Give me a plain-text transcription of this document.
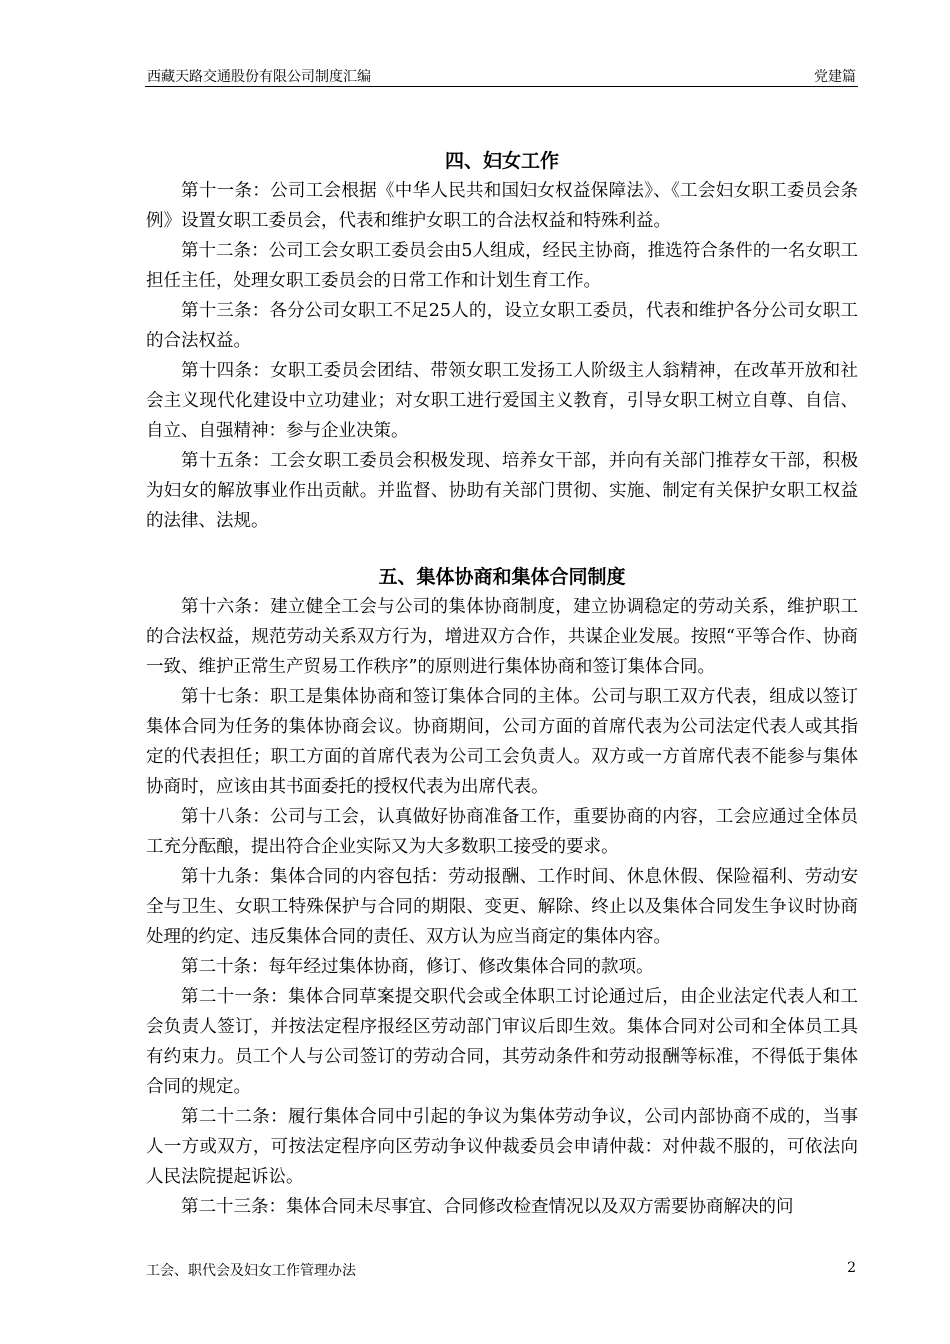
西藏天路交通股份有限公司制度汇编	党建篇
四、妇女工作

第十一条：公司工会根据《中华人民共和国妇女权益保障法》、《工会妇女职工委员会条例》设置女职工委员会，代表和维护女职工的合法权益和特殊利益。

第十二条：公司工会女职工委员会由5人组成，经民主协商，推选符合条件的一名女职工担任主任，处理女职工委员会的日常工作和计划生育工作。

第十三条：各分公司女职工不足25人的，设立女职工委员，代表和维护各分公司女职工的合法权益。

第十四条：女职工委员会团结、带领女职工发扬工人阶级主人翁精神，在改革开放和社会主义现代化建设中立功建业；对女职工进行爱国主义教育，引导女职工树立自尊、自信、自立、自强精神：参与企业决策。

第十五条：工会女职工委员会积极发现、培养女干部，并向有关部门推荐女干部，积极为妇女的解放事业作出贡献。并监督、协助有关部门贯彻、实施、制定有关保护女职工权益的法律、法规。

五、集体协商和集体合同制度

第十六条：建立健全工会与公司的集体协商制度，建立协调稳定的劳动关系，维护职工的合法权益，规范劳动关系双方行为，增进双方合作，共谋企业发展。按照“平等合作、协商一致、维护正常生产贸易工作秩序”的原则进行集体协商和签订集体合同。

第十七条：职工是集体协商和签订集体合同的主体。公司与职工双方代表，组成以签订集体合同为任务的集体协商会议。协商期间，公司方面的首席代表为公司法定代表人或其指定的代表担任；职工方面的首席代表为公司工会负责人。双方或一方首席代表不能参与集体协商时，应该由其书面委托的授权代表为出席代表。

第十八条：公司与工会，认真做好协商准备工作，重要协商的内容，工会应通过全体员工充分酝酿，提出符合企业实际又为大多数职工接受的要求。

第十九条：集体合同的内容包括：劳动报酬、工作时间、休息休假、保险福利、劳动安全与卫生、女职工特殊保护与合同的期限、变更、解除、终止以及集体合同发生争议时协商处理的约定、违反集体合同的责任、双方认为应当商定的集体内容。

第二十条：每年经过集体协商，修订、修改集体合同的款项。

第二十一条：集体合同草案提交职代会或全体职工讨论通过后，由企业法定代表人和工会负责人签订，并按法定程序报经区劳动部门审议后即生效。集体合同对公司和全体员工具有约束力。员工个人与公司签订的劳动合同，其劳动条件和劳动报酬等标准，不得低于集体合同的规定。

第二十二条：履行集体合同中引起的争议为集体劳动争议，公司内部协商不成的，当事人一方或双方，可按法定程序向区劳动争议仲裁委员会申请仲裁：对仲裁不服的，可依法向人民法院提起诉讼。

第二十三条：集体合同未尽事宜、合同修改检查情况以及双方需要协商解决的问

工会、职代会及妇女工作管理办法	2
